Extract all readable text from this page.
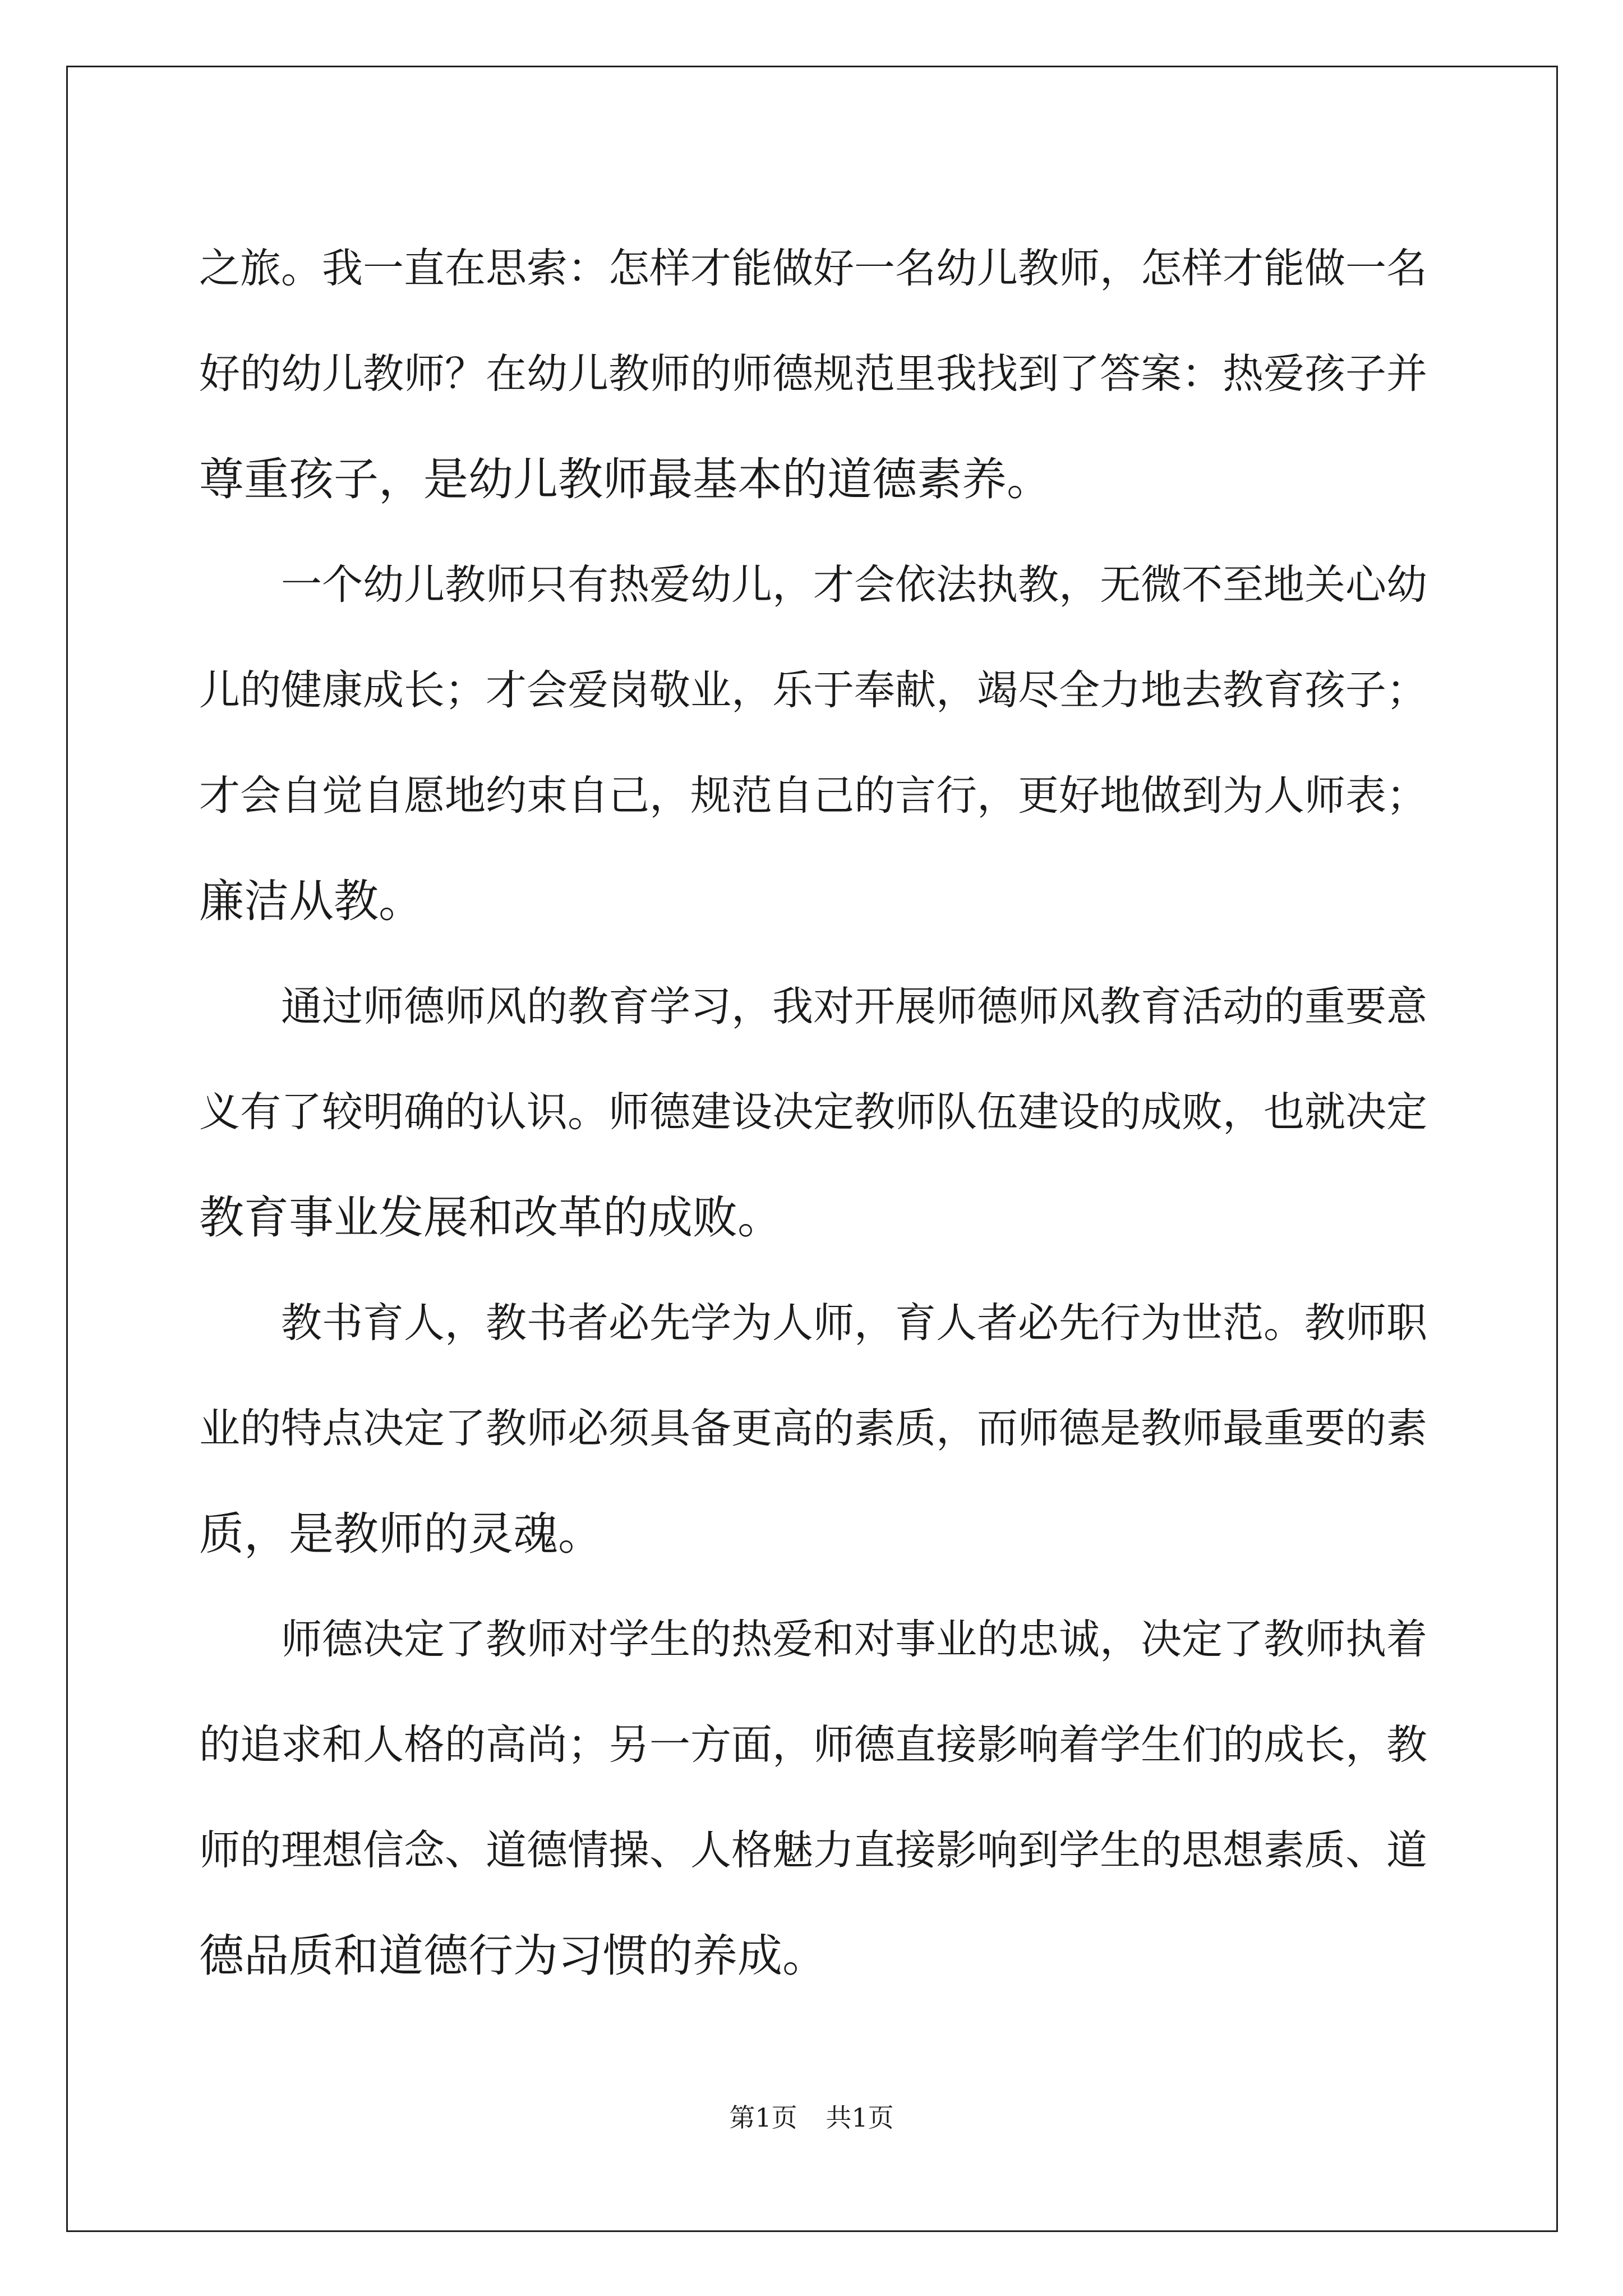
之旅。我一直在思索：怎样才能做好一名幼儿教师，怎样才能做一名
好的幼儿教师？在幼儿教师的师德规范里我找到了答案：热爱孩子并
尊重孩子，是幼儿教师最基本的道德素养。
　　一个幼儿教师只有热爱幼儿，才会依法执教，无微不至地关心幼
儿的健康成长；才会爱岗敬业，乐于奉献，竭尽全力地去教育孩子；
才会自觉自愿地约束自己，规范自己的言行，更好地做到为人师表；
廉洁从教。
　　通过师德师风的教育学习，我对开展师德师风教育活动的重要意
义有了较明确的认识。师德建设决定教师队伍建设的成败，也就决定
教育事业发展和改革的成败。
　　教书育人，教书者必先学为人师，育人者必先行为世范。教师职
业的特点决定了教师必须具备更高的素质，而师德是教师最重要的素
质，是教师的灵魂。
　　师德决定了教师对学生的热爱和对事业的忠诚，决定了教师执着
的追求和人格的高尚；另一方面，师德直接影响着学生们的成长，教
师的理想信念、道德情操、人格魅力直接影响到学生的思想素质、道
德品质和道德行为习惯的养成。
第1页 共1页
